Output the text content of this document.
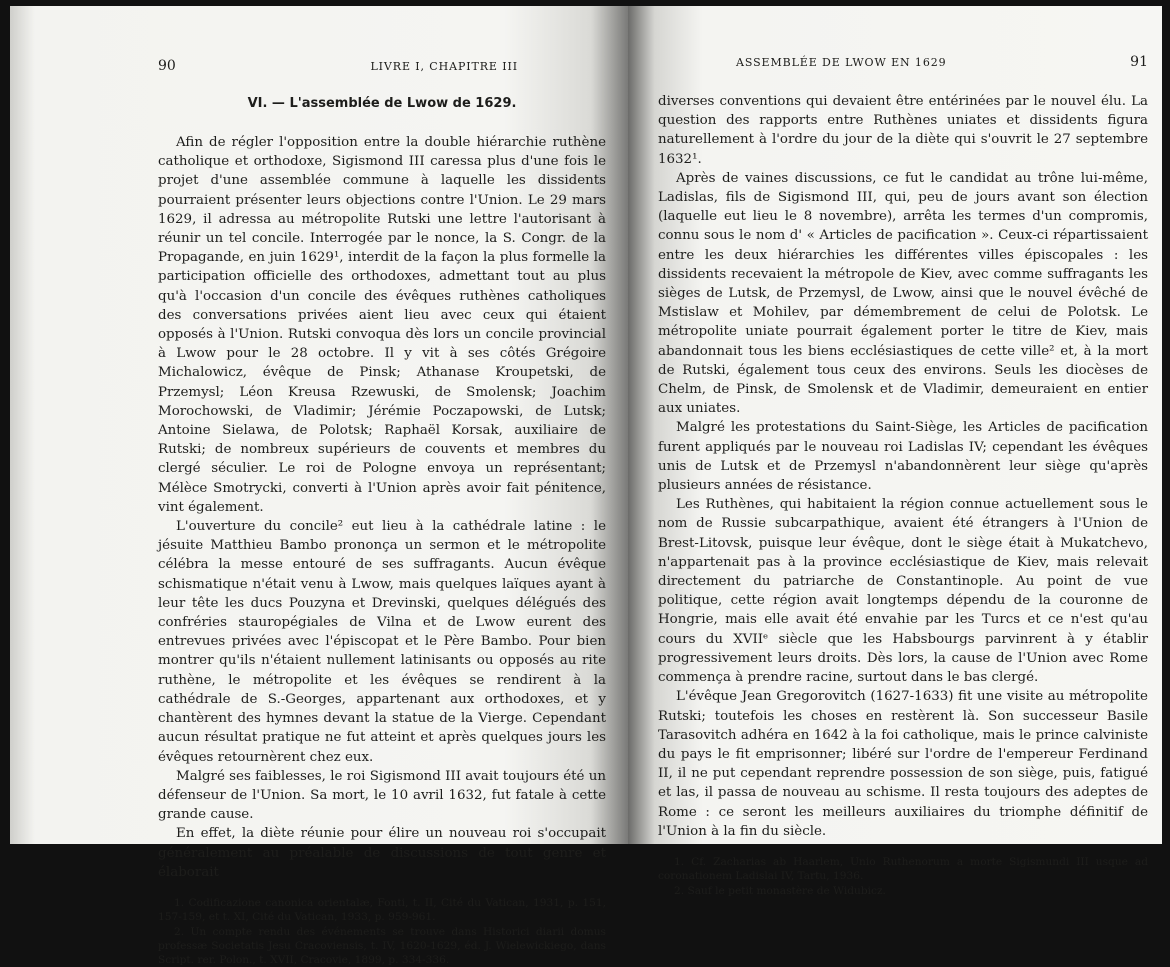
90	LIVRE I, CHAPITRE III
VI. — L'assemblée de Lwow de 1629.

Afin de régler l'opposition entre la double hiérarchie ruthène catholique et orthodoxe, Sigismond III caressa plus d'une fois le projet d'une assemblée commune à laquelle les dissidents pourraient présenter leurs objections contre l'Union. Le 29 mars 1629, il adressa au métropolite Rutski une lettre l'autorisant à réunir un tel concile. Interrogée par le nonce, la S. Congr. de la Propagande, en juin 1629¹, interdit de la façon la plus formelle la participation officielle des orthodoxes, admettant tout au plus qu'à l'occasion d'un concile des évêques ruthènes catholiques des conversations privées aient lieu avec ceux qui étaient opposés à l'Union. Rutski convoqua dès lors un concile provincial à Lwow pour le 28 octobre. Il y vit à ses côtés Grégoire Michalowicz, évêque de Pinsk; Athanase Kroupetski, de Przemysl; Léon Kreusa Rzewuski, de Smolensk; Joachim Morochowski, de Vladimir; Jérémie Poczapowski, de Lutsk; Antoine Sielawa, de Polotsk; Raphaël Korsak, auxiliaire de Rutski; de nombreux supérieurs de couvents et membres du clergé séculier. Le roi de Pologne envoya un représentant; Mélèce Smotrycki, converti à l'Union après avoir fait pénitence, vint également.

L'ouverture du concile² eut lieu à la cathédrale latine : le jésuite Matthieu Bambo prononça un sermon et le métropolite célébra la messe entouré de ses suffragants. Aucun évêque schismatique n'était venu à Lwow, mais quelques laïques ayant à leur tête les ducs Pouzyna et Drevinski, quelques délégués des confréries stauropégiales de Vilna et de Lwow eurent des entrevues privées avec l'épiscopat et le Père Bambo. Pour bien montrer qu'ils n'étaient nullement latinisants ou opposés au rite ruthène, le métropolite et les évêques se rendirent à la cathédrale de S.-Georges, appartenant aux orthodoxes, et y chantèrent des hymnes devant la statue de la Vierge. Cependant aucun résultat pratique ne fut atteint et après quelques jours les évêques retournèrent chez eux.

Malgré ses faiblesses, le roi Sigismond III avait toujours été un défenseur de l'Union. Sa mort, le 10 avril 1632, fut fatale à cette grande cause.

En effet, la diète réunie pour élire un nouveau roi s'occupait généralement au préalable de discussions de tout genre et élaborait

1. Codificazione canonica orientalæ, Fonti, t. II, Cité du Vatican, 1931, p. 151, 157-159, et t. XI, Cité du Vatican, 1933, p. 959-961.

2. Un compte rendu des événements se trouve dans Historici diarii domus professæ Societatis Jesu Cracoviensis, t. IV, 1620-1629, éd. J. Wielewickiego, dans Script. rer. Polon., t. XVII, Cracovie, 1899, p. 334-336.

ASSEMBLÉE DE LWOW EN 1629	91

diverses conventions qui devaient être entérinées par le nouvel élu. La question des rapports entre Ruthènes uniates et dissidents figura naturellement à l'ordre du jour de la diète qui s'ouvrit le 27 septembre 1632¹.

Après de vaines discussions, ce fut le candidat au trône lui-même, Ladislas, fils de Sigismond III, qui, peu de jours avant son élection (laquelle eut lieu le 8 novembre), arrêta les termes d'un compromis, connu sous le nom d' « Articles de pacification ». Ceux-ci répartissaient entre les deux hiérarchies les différentes villes épiscopales : les dissidents recevaient la métropole de Kiev, avec comme suffragants les sièges de Lutsk, de Przemysl, de Lwow, ainsi que le nouvel évêché de Mstislaw et Mohilev, par démembrement de celui de Polotsk. Le métropolite uniate pourrait également porter le titre de Kiev, mais abandonnait tous les biens ecclésiastiques de cette ville² et, à la mort de Rutski, également tous ceux des environs. Seuls les diocèses de Chelm, de Pinsk, de Smolensk et de Vladimir, demeuraient en entier aux uniates.

Malgré les protestations du Saint-Siège, les Articles de pacification furent appliqués par le nouveau roi Ladislas IV; cependant les évêques unis de Lutsk et de Przemysl n'abandonnèrent leur siège qu'après plusieurs années de résistance.

Les Ruthènes, qui habitaient la région connue actuellement sous le nom de Russie subcarpathique, avaient été étrangers à l'Union de Brest-Litovsk, puisque leur évêque, dont le siège était à Mukatchevo, n'appartenait pas à la province ecclésiastique de Kiev, mais relevait directement du patriarche de Constantinople. Au point de vue politique, cette région avait longtemps dépendu de la couronne de Hongrie, mais elle avait été envahie par les Turcs et ce n'est qu'au cours du XVIIᵉ siècle que les Habsbourgs parvinrent à y établir progressivement leurs droits. Dès lors, la cause de l'Union avec Rome commença à prendre racine, surtout dans le bas clergé.

L'évêque Jean Gregorovitch (1627-1633) fit une visite au métropolite Rutski; toutefois les choses en restèrent là. Son successeur Basile Tarasovitch adhéra en 1642 à la foi catholique, mais le prince calviniste du pays le fit emprisonner; libéré sur l'ordre de l'empereur Ferdinand II, il ne put cependant reprendre possession de son siège, puis, fatigué et las, il passa de nouveau au schisme. Il resta toujours des adeptes de Rome : ce seront les meilleurs auxiliaires du triomphe définitif de l'Union à la fin du siècle.

1. Cf. Zacharias ab Haarlem, Unio Ruthenorum a morte Sigismundi III usque ad coronationem Ladislai IV, Tartu, 1936.

2. Sauf le petit monastère de Widubicz.
